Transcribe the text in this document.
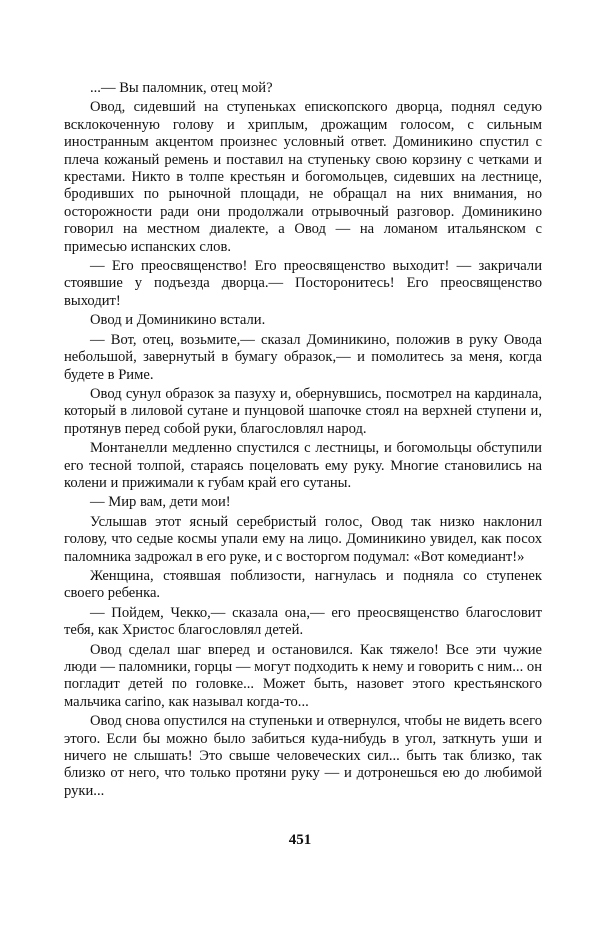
...— Вы паломник, отец мой?

Овод, сидевший на ступеньках епископского дворца, поднял седую всклокоченную голову и хриплым, дрожащим голосом, с сильным иностранным акцентом произнес условный ответ. Доминикино спустил с плеча кожаный ремень и поставил на ступеньку свою корзину с четками и крестами. Никто в толпе крестьян и богомольцев, сидевших на лестнице, бродивших по рыночной площади, не обращал на них внимания, но осторожности ради они продолжали отрывочный разговор. Доминикино говорил на местном диалекте, а Овод — на ломаном итальянском с примесью испанских слов.

— Его преосвященство! Его преосвященство выходит! — закричали стоявшие у подъезда дворца.— Посторонитесь! Его преосвященство выходит!

Овод и Доминикино встали.

— Вот, отец, возьмите,— сказал Доминикино, положив в руку Овода небольшой, завернутый в бумагу образок,— и помолитесь за меня, когда будете в Риме.

Овод сунул образок за пазуху и, обернувшись, посмотрел на кардинала, который в лиловой сутане и пунцовой шапочке стоял на верхней ступени и, протянув перед собой руки, благословлял народ.

Монтанелли медленно спустился с лестницы, и богомольцы обступили его тесной толпой, стараясь поцеловать ему руку. Многие становились на колени и прижимали к губам край его сутаны.

— Мир вам, дети мои!

Услышав этот ясный серебристый голос, Овод так низко наклонил голову, что седые космы упали ему на лицо. Доминикино увидел, как посох паломника задрожал в его руке, и с восторгом подумал: «Вот комедиант!»

Женщина, стоявшая поблизости, нагнулась и подняла со ступенек своего ребенка.

— Пойдем, Чекко,— сказала она,— его преосвященство благословит тебя, как Христос благословлял детей.

Овод сделал шаг вперед и остановился. Как тяжело! Все эти чужие люди — паломники, горцы — могут подходить к нему и говорить с ним... он погладит детей по головке... Может быть, назовет этого крестьянского мальчика carino, как называл когда-то...

Овод снова опустился на ступеньки и отвернулся, чтобы не видеть всего этого. Если бы можно было забиться куда-нибудь в угол, заткнуть уши и ничего не слышать! Это свыше человеческих сил... быть так близко, так близко от него, что только протяни руку — и дотронешься ею до любимой руки...

451
